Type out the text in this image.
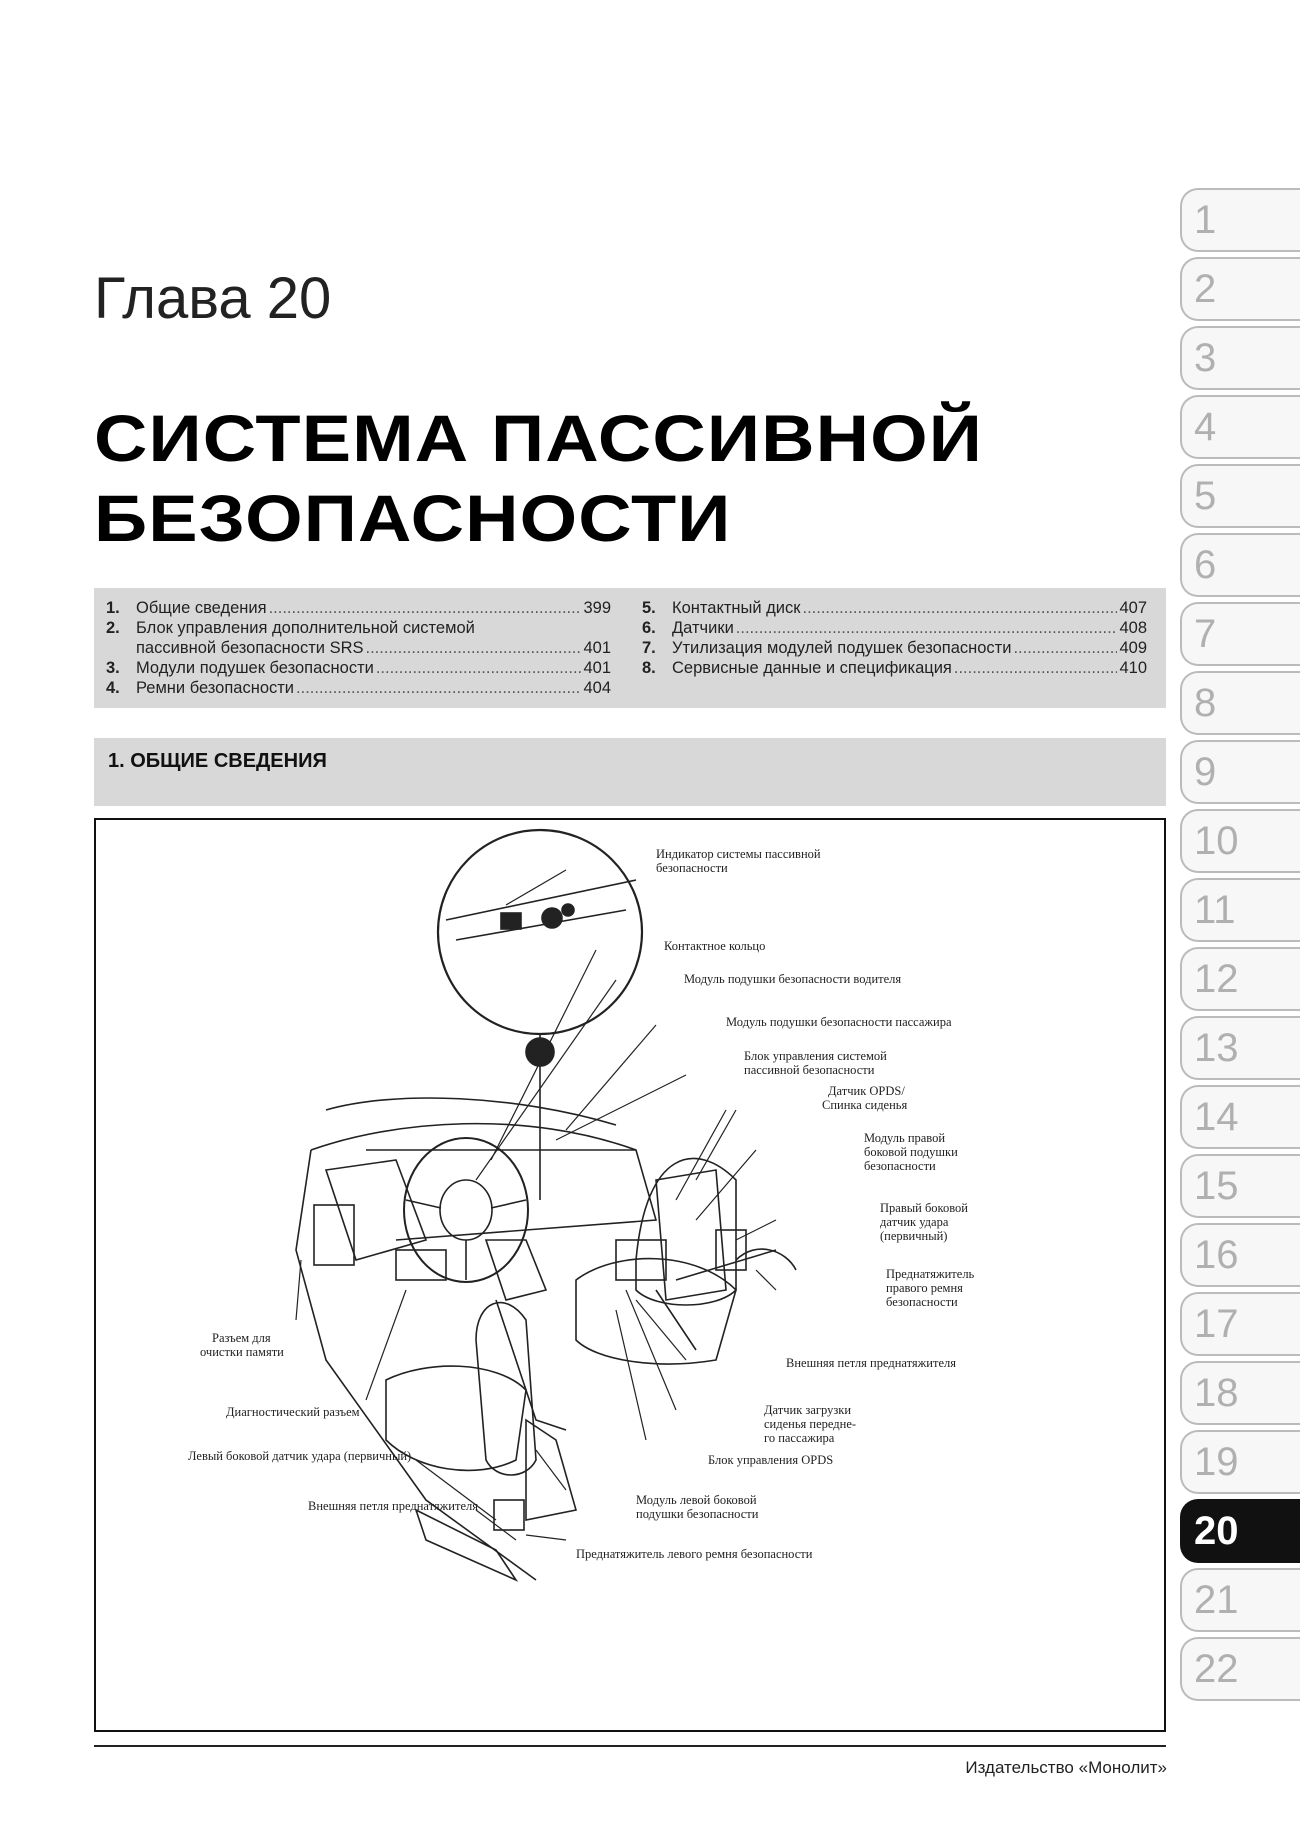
Глава 20
СИСТЕМА ПАССИВНОЙ
БЕЗОПАСНОСТИ
1. Общие сведения .....	399
2. Блок управления дополнительной системой
пассивной безопасности SRS .....	401
3. Модули подушек безопасности .....	401
4. Ремни безопасности .....	404
5. Контактный диск .....	407
6. Датчики .....	408
7. Утилизация модулей подушек безопасности .....	409
8. Сервисные данные и спецификация .....	410
1. ОБЩИЕ СВЕДЕНИЯ
Индикатор системы пассивной
безопасности
Контактное кольцо
Модуль подушки безопасности водителя
Модуль подушки безопасности пассажира
Блок управления системой
пассивной безопасности
Датчик OPDS/
Спинка сиденья
Модуль правой
боковой подушки
безопасности
Правый боковой
датчик удара
(первичный)
Преднатяжитель
правого ремня
безопасности
Разъем для
очистки памяти
Внешняя петля преднатяжителя
Диагностический разъем	Датчик загрузки
сиденья передне-
го пассажира
Левый боковой датчик удара (первичный)	Блок управления OPDS
Внешняя петля преднатяжителя	Модуль левой боковой
подушки безопасности
Преднатяжитель левого ремня безопасности
Издательство «Монолит»
1
2
3
4
5
6
7
8
9
10
11
12
13
14
15
16
17
18
19
20
21
22
